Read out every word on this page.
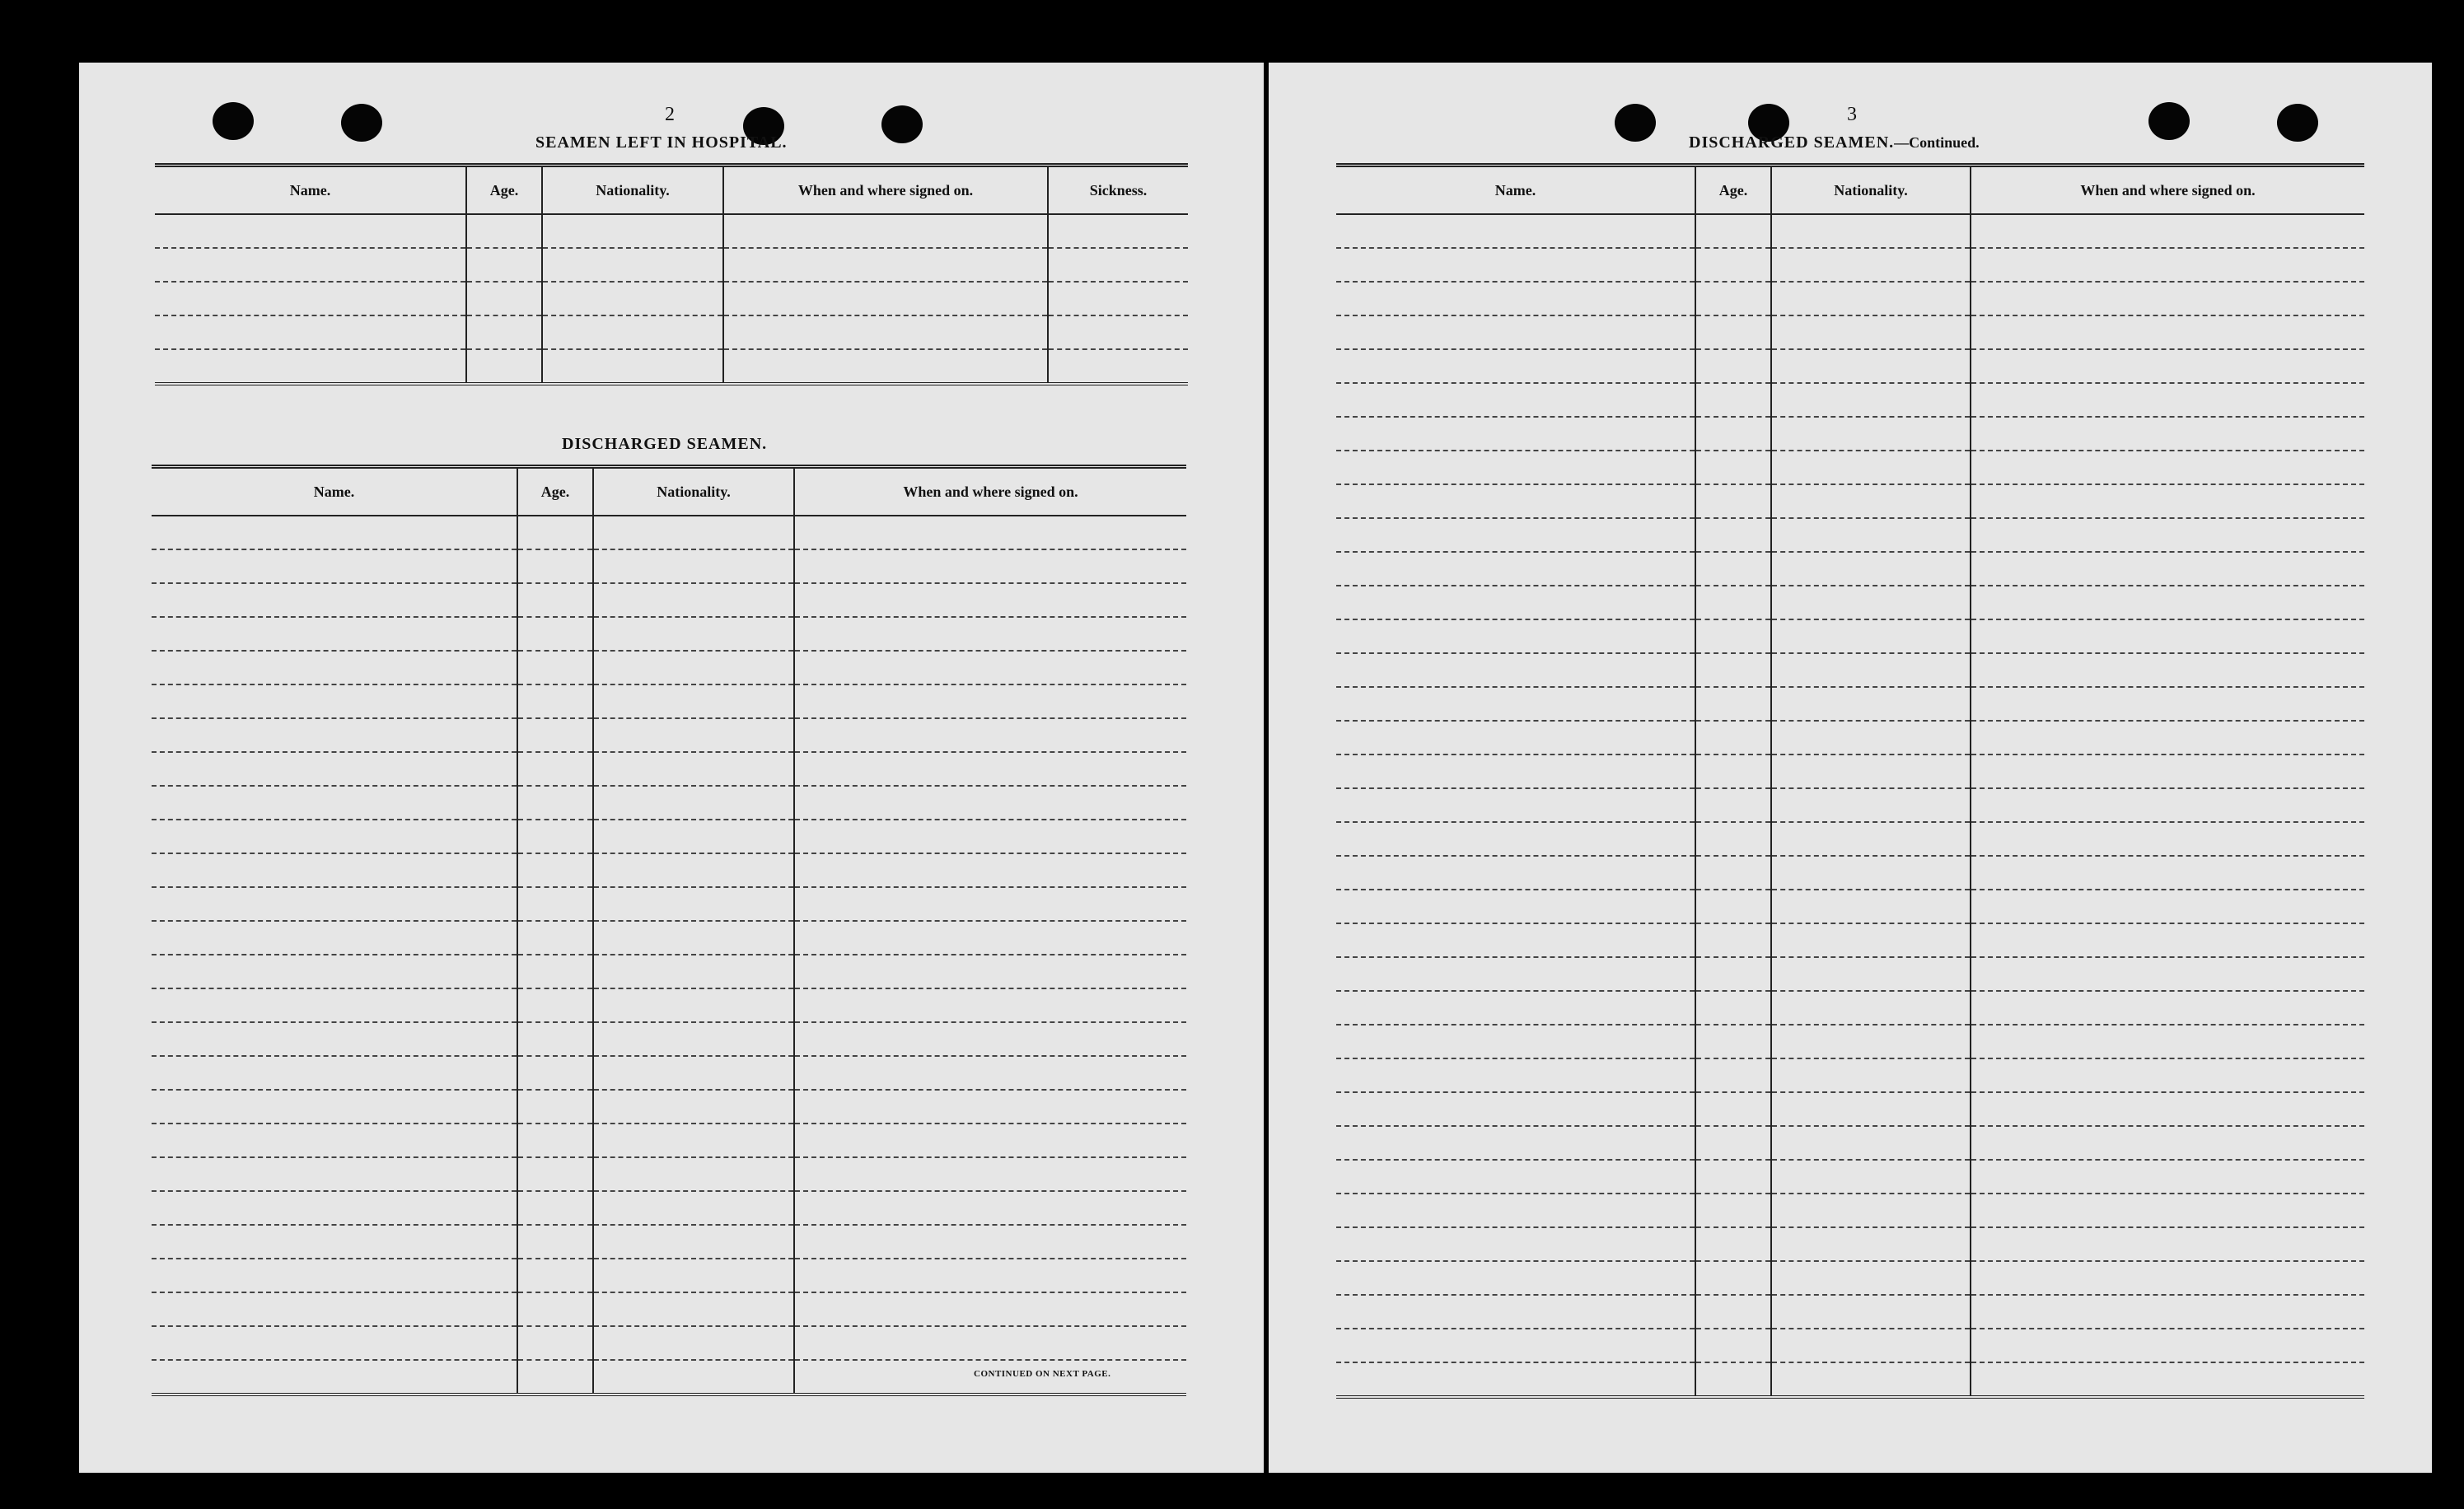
2
SEAMEN LEFT IN HOSPITAL.
Name.	Age.	Nationality.	When and where signed on.	Sickness.

DISCHARGED SEAMEN.
Name.	Age.	Nationality.	When and where signed on.

CONTINUED ON NEXT PAGE.
3
DISCHARGED SEAMEN.—Continued.
Name.	Age.	Nationality.	When and where signed on.
